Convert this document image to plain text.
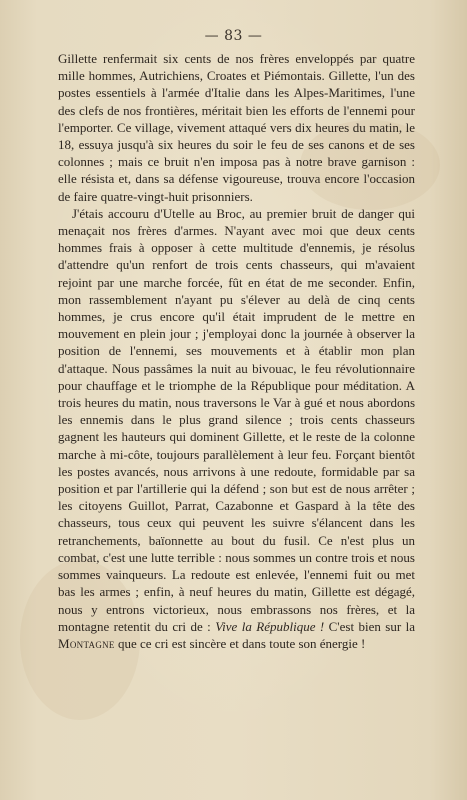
— 83 —

Gillette renfermait six cents de nos frères enveloppés par quatre mille hommes, Autrichiens, Croates et Piémontais. Gillette, l'un des postes essentiels à l'armée d'Italie dans les Alpes-Maritimes, l'une des clefs de nos frontières, méritait bien les efforts de l'ennemi pour l'emporter. Ce village, vivement attaqué vers dix heures du matin, le 18, essuya jusqu'à six heures du soir le feu de ses canons et de ses colonnes ; mais ce bruit n'en imposa pas à notre brave garnison : elle résista et, dans sa défense vigoureuse, trouva encore l'occasion de faire quatre-vingt-huit prisonniers.

J'étais accouru d'Utelle au Broc, au premier bruit de danger qui menaçait nos frères d'armes. N'ayant avec moi que deux cents hommes frais à opposer à cette multitude d'ennemis, je résolus d'attendre qu'un renfort de trois cents chasseurs, qui m'avaient rejoint par une marche forcée, fût en état de me seconder. Enfin, mon rassemblement n'ayant pu s'élever au delà de cinq cents hommes, je crus encore qu'il était imprudent de le mettre en mouvement en plein jour ; j'employai donc la journée à observer la position de l'ennemi, ses mouvements et à établir mon plan d'attaque. Nous passâmes la nuit au bivouac, le feu révolutionnaire pour chauffage et le triomphe de la République pour méditation. A trois heures du matin, nous traversons le Var à gué et nous abordons les ennemis dans le plus grand silence ; trois cents chasseurs gagnent les hauteurs qui dominent Gillette, et le reste de la colonne marche à mi-côte, toujours parallèlement à leur feu. Forçant bientôt les postes avancés, nous arrivons à une redoute, formidable par sa position et par l'artillerie qui la défend ; son but est de nous arrêter ; les citoyens Guillot, Parrat, Cazabonne et Gaspard à la tête des chasseurs, tous ceux qui peuvent les suivre s'élancent dans les retranchements, baïonnette au bout du fusil. Ce n'est plus un combat, c'est une lutte terrible : nous sommes un contre trois et nous sommes vainqueurs. La redoute est enlevée, l'ennemi fuit ou met bas les armes ; enfin, à neuf heures du matin, Gillette est dégagé, nous y entrons victorieux, nous embrassons nos frères, et la montagne retentit du cri de : Vive la République ! C'est bien sur la Montagne que ce cri est sincère et dans toute son énergie !
